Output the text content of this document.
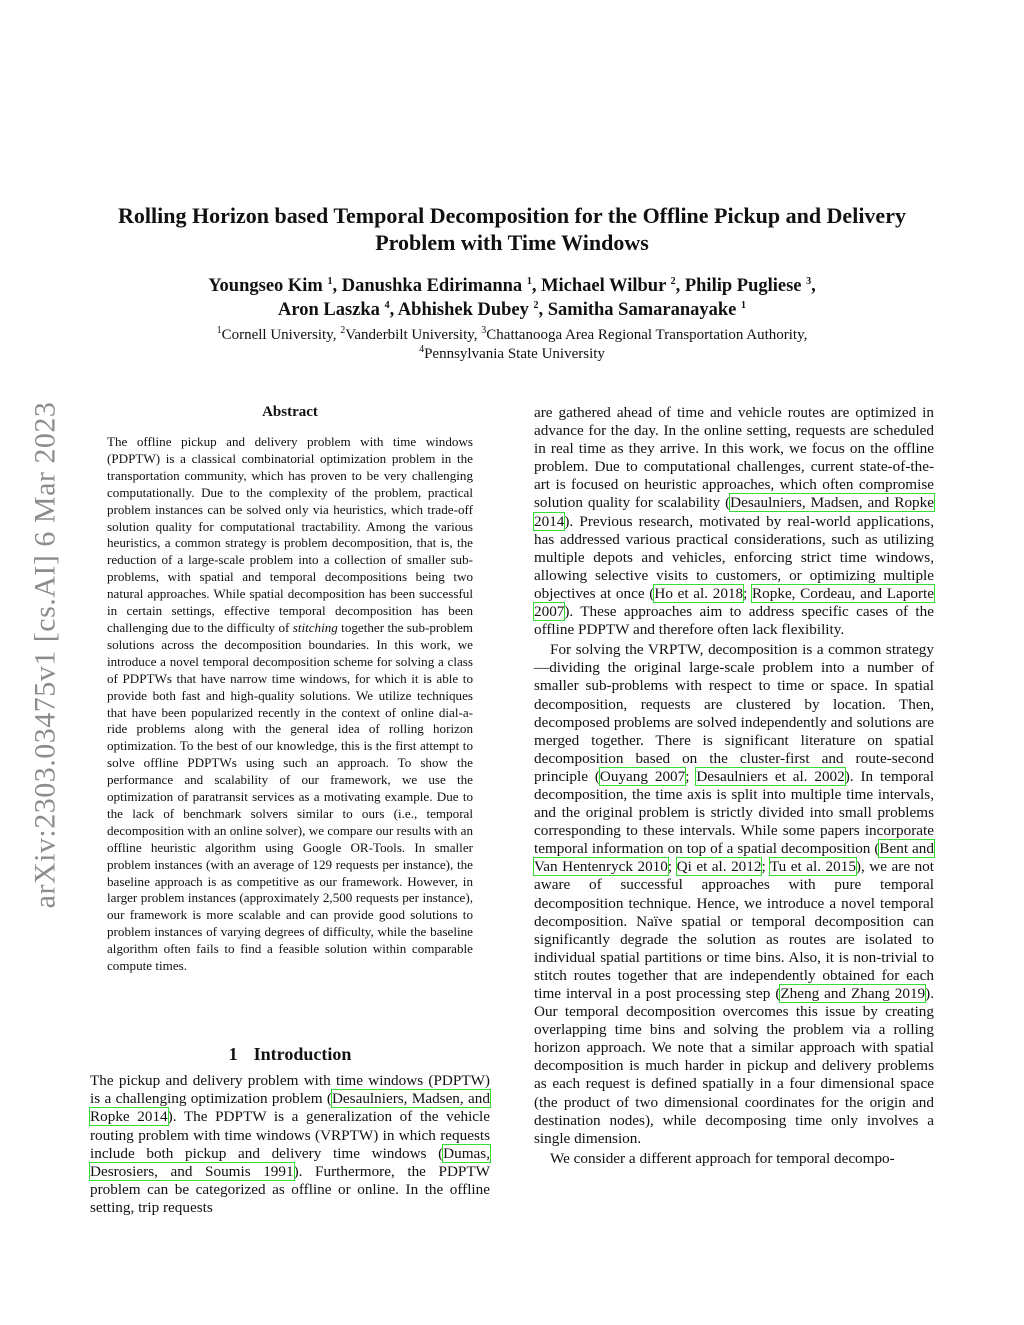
arXiv:2303.03475v1 [cs.AI] 6 Mar 2023
Rolling Horizon based Temporal Decomposition for the Offline Pickup and Delivery Problem with Time Windows
Youngseo Kim $^1$, Danushka Edirimanna $^1$, Michael Wilbur $^2$, Philip Pugliese $^3$,
Aron Laszka $^4$, Abhishek Dubey $^2$, Samitha Samaranayake $^1$
$^1$Cornell University, $^2$Vanderbilt University, $^3$Chattanooga Area Regional Transportation Authority,
$^4$Pennsylvania State University
Abstract

The offline pickup and delivery problem with time windows (PDPTW) is a classical combinatorial optimization problem in the transportation community, which has proven to be very challenging computationally. Due to the complexity of the problem, practical problem instances can be solved only via heuristics, which trade-off solution quality for computational tractability. Among the various heuristics, a common strategy is problem decomposition, that is, the reduction of a large-scale problem into a collection of smaller sub-problems, with spatial and temporal decompositions being two natural approaches. While spatial decomposition has been successful in certain settings, effective temporal decomposition has been challenging due to the difficulty of stitching together the sub-problem solutions across the decomposition boundaries. In this work, we introduce a novel temporal decomposition scheme for solving a class of PDPTWs that have narrow time windows, for which it is able to provide both fast and high-quality solutions. We utilize techniques that have been popularized recently in the context of online dial-a-ride problems along with the general idea of rolling horizon optimization. To the best of our knowledge, this is the first attempt to solve offline PDPTWs using such an approach. To show the performance and scalability of our framework, we use the optimization of paratransit services as a motivating example. Due to the lack of benchmark solvers similar to ours (i.e., temporal decomposition with an online solver), we compare our results with an offline heuristic algorithm using Google OR-Tools. In smaller problem instances (with an average of 129 requests per instance), the baseline approach is as competitive as our framework. However, in larger problem instances (approximately 2,500 requests per instance), our framework is more scalable and can provide good solutions to problem instances of varying degrees of difficulty, while the baseline algorithm often fails to find a feasible solution within comparable compute times.

1 Introduction

The pickup and delivery problem with time windows (PDPTW) is a challenging optimization problem (Desaulniers, Madsen, and Ropke 2014). The PDPTW is a generalization of the vehicle routing problem with time windows (VRPTW) in which requests include both pickup and delivery time windows (Dumas, Desrosiers, and Soumis 1991). Furthermore, the PDPTW problem can be categorized as offline or online. In the offline setting, trip requests

are gathered ahead of time and vehicle routes are optimized in advance for the day. In the online setting, requests are scheduled in real time as they arrive. In this work, we focus on the offline problem. Due to computational challenges, current state-of-the-art is focused on heuristic approaches, which often compromise solution quality for scalability (Desaulniers, Madsen, and Ropke 2014). Previous research, motivated by real-world applications, has addressed various practical considerations, such as utilizing multiple depots and vehicles, enforcing strict time windows, allowing selective visits to customers, or optimizing multiple objectives at once (Ho et al. 2018; Ropke, Cordeau, and Laporte 2007). These approaches aim to address specific cases of the offline PDPTW and therefore often lack flexibility.

For solving the VRPTW, decomposition is a common strategy—dividing the original large-scale problem into a number of smaller sub-problems with respect to time or space. In spatial decomposition, requests are clustered by location. Then, decomposed problems are solved independently and solutions are merged together. There is significant literature on spatial decomposition based on the cluster-first and route-second principle (Ouyang 2007; Desaulniers et al. 2002). In temporal decomposition, the time axis is split into multiple time intervals, and the original problem is strictly divided into small problems corresponding to these intervals. While some papers incorporate temporal information on top of a spatial decomposition (Bent and Van Hentenryck 2010; Qi et al. 2012; Tu et al. 2015), we are not aware of successful approaches with pure temporal decomposition technique. Hence, we introduce a novel temporal decomposition. Naïve spatial or temporal decomposition can significantly degrade the solution as routes are isolated to individual spatial partitions or time bins. Also, it is non-trivial to stitch routes together that are independently obtained for each time interval in a post processing step (Zheng and Zhang 2019). Our temporal decomposition overcomes this issue by creating overlapping time bins and solving the problem via a rolling horizon approach. We note that a similar approach with spatial decomposition is much harder in pickup and delivery problems as each request is defined spatially in a four dimensional space (the product of two dimensional coordinates for the origin and destination nodes), while decomposing time only involves a single dimension.

We consider a different approach for temporal decompo-
